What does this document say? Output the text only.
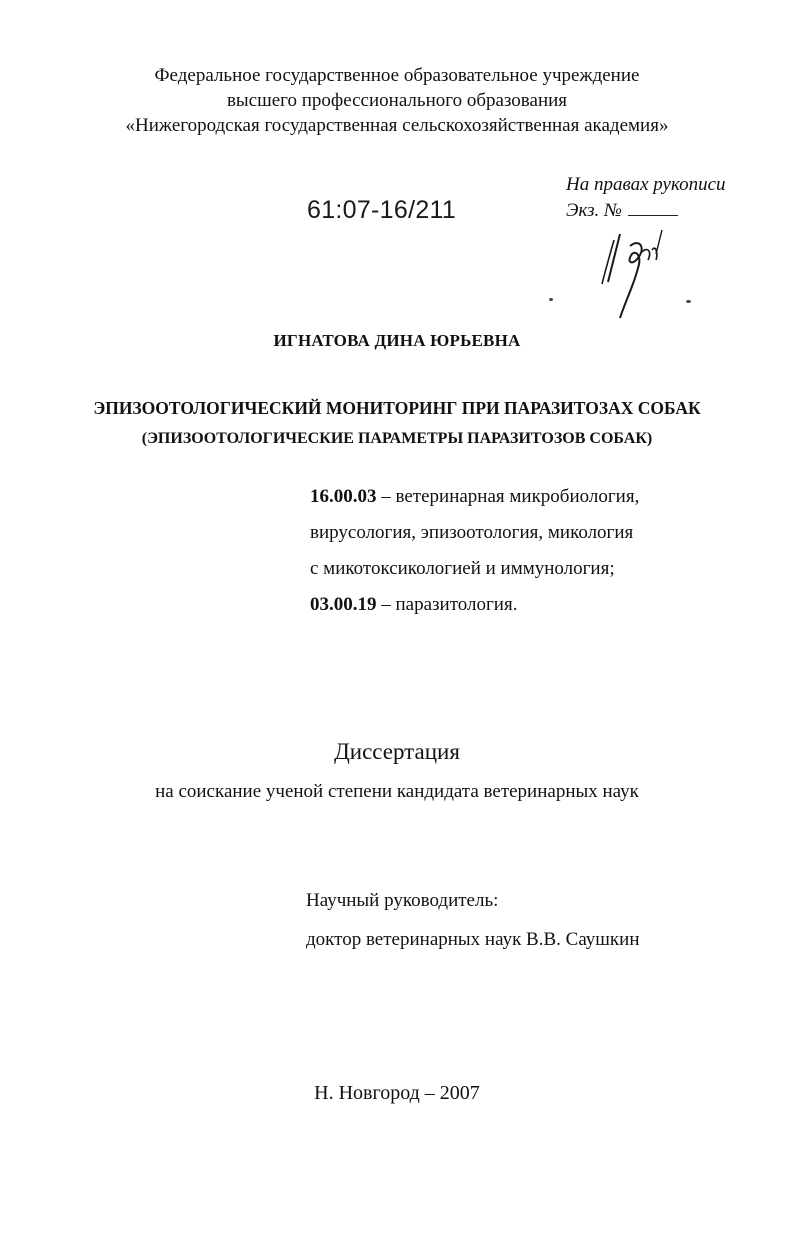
Федеральное государственное образовательное учреждение
высшего профессионального образования
«Нижегородская государственная сельскохозяйственная академия»
На правах рукописи
Экз. №
61:07-16/211
ИГНАТОВА ДИНА ЮРЬЕВНА
ЭПИЗООТОЛОГИЧЕСКИЙ МОНИТОРИНГ ПРИ ПАРАЗИТОЗАХ СОБАК
(ЭПИЗООТОЛОГИЧЕСКИЕ ПАРАМЕТРЫ ПАРАЗИТОЗОВ СОБАК)
16.00.03 – ветеринарная микробиология,
вирусология, эпизоотология, микология
с микотоксикологией и иммунология;
03.00.19 – паразитология.
Диссертация
на соискание ученой степени кандидата ветеринарных наук
Научный руководитель:
доктор ветеринарных наук В.В. Саушкин
Н. Новгород – 2007
